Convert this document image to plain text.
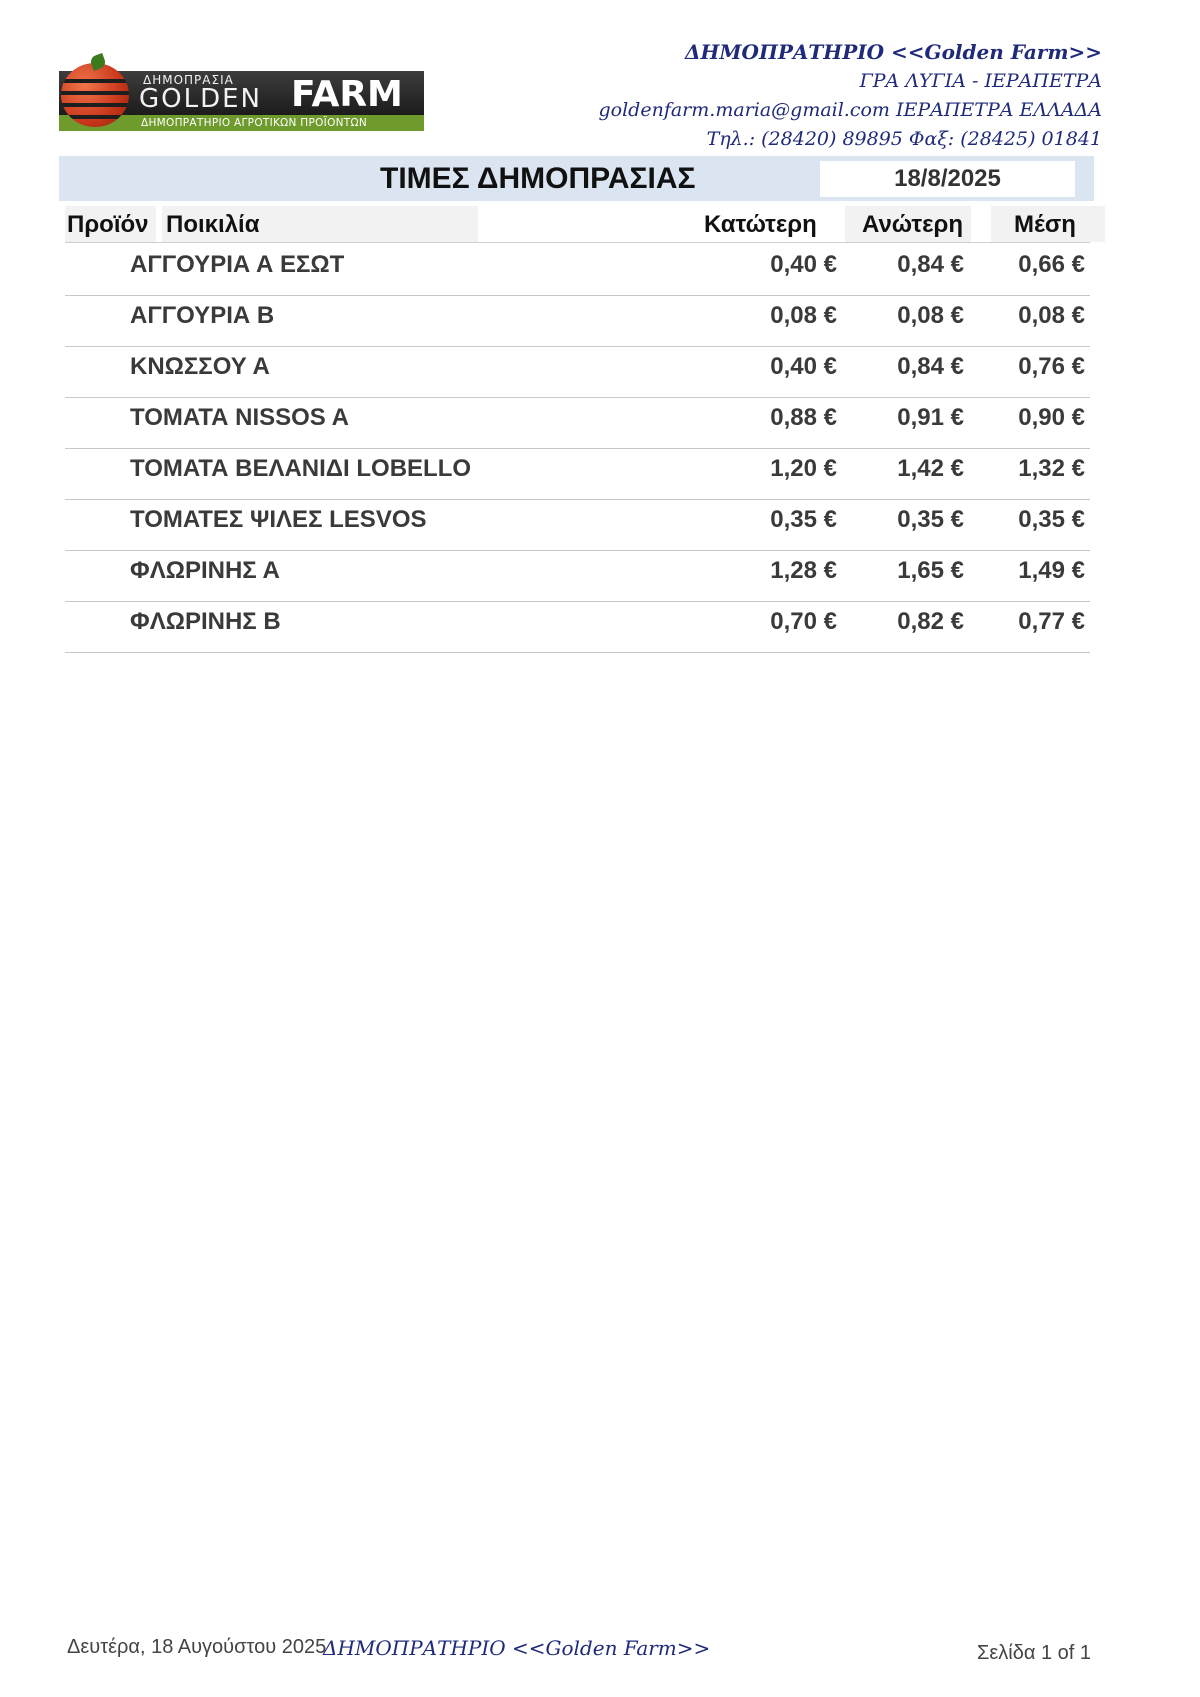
ΔΗΜΟΠΡΑΣΙΑ
GOLDEN FARM
ΔΗΜΟΠΡΑΤΗΡΙΟ ΑΓΡΟΤΙΚΩΝ ΠΡΟΪΟΝΤΩΝ
ΔΗΜΟΠΡΑΤΗΡΙΟ <<Golden Farm>>
ΓΡΑ ΛΥΓΙΑ - ΙΕΡΑΠΕΤΡΑ
goldenfarm.maria@gmail.com ΙΕΡΑΠΕΤΡΑ ΕΛΛΑΔΑ
Τηλ.: (28420) 89895 Φαξ: (28425) 01841
ΤΙΜΕΣ ΔΗΜΟΠΡΑΣΙΑΣ	18/8/2025
Προϊόν Ποικιλία	Κατώτερη Ανώτερη Μέση
ΑΓΓΟΥΡΙΑ Α ΕΣΩΤ	0,40 €	0,84 € 0,66 €
ΑΓΓΟΥΡΙΑ Β	0,08 €	0,08 € 0,08 €
ΚΝΩΣΣΟΥ Α	0,40 €	0,84 € 0,76 €
ΤΟΜΑΤΑ NISSOS A	0,88 €	0,91 € 0,90 €
ΤΟΜΑΤΑ ΒΕΛΑΝΙΔΙ LOBELLO	1,20 €	1,42 € 1,32 €
ΤΟΜΑΤΕΣ ΨΙΛΕΣ LESVOS	0,35 €	0,35 € 0,35 €
ΦΛΩΡΙΝΗΣ Α	1,28 €	1,65 € 1,49 €
ΦΛΩΡΙΝΗΣ Β	0,70 €	0,82 € 0,77 €
Δευτέρα, 18 Αυγούστου 2025
ΔΗΜΟΠΡΑΤΗΡΙΟ <<Golden Farm>>	Σελίδα 1 of 1
